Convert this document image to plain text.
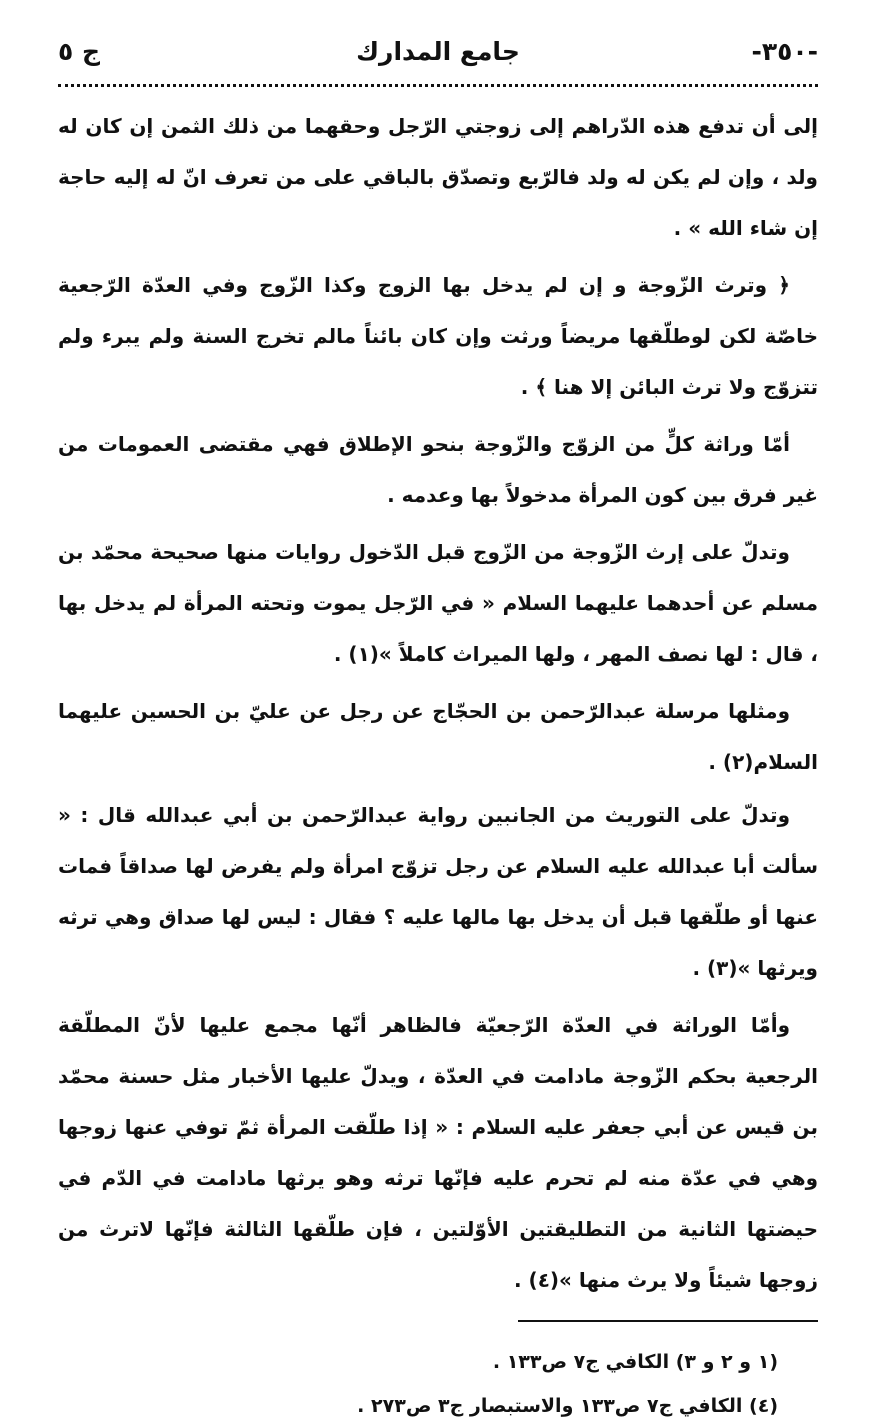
-٣٥٠-
جامع المدارك
ج ٥

إلى أن تدفع هذه الدّراهم إلى زوجتي الرّجل وحقهما من ذلك الثمن إن كان له ولد ، وإن لم يكن له ولد فالرّبع وتصدّق بالباقي على من تعرف انّ له إليه حاجة إن شاء الله » .

﴿ وترث الزّوجة و إن لم يدخل بها الزوج وكذا الزّوج وفي العدّة الرّجعية خاصّة لكن لوطلّقها مريضاً ورثت وإن كان بائناً مالم تخرج السنة ولم يبرء ولم تتزوّج ولا ترث البائن إلا هنا ﴾ .

أمّا وراثة كلٍّ من الزوّج والزّوجة بنحو الإطلاق فهي مقتضى العمومات من غير فرق بين كون المرأة مدخولاً بها وعدمه .

وتدلّ على إرث الزّوجة من الزّوج قبل الدّخول روايات منها صحيحة محمّد بن مسلم عن أحدهما عليهما السلام « في الرّجل يموت وتحته المرأة لم يدخل بها ، قال : لها نصف المهر ، ولها الميراث كاملاً »(١) .

ومثلها مرسلة عبدالرّحمن بن الحجّاج عن رجل عن عليّ بن الحسين عليهما السلام(٢) .

وتدلّ على التوريث من الجانبين رواية عبدالرّحمن بن أبي عبدالله قال : « سألت أبا عبدالله عليه السلام عن رجل تزوّج امرأة ولم يفرض لها صداقاً فمات عنها أو طلّقها قبل أن يدخل بها مالها عليه ؟ فقال : ليس لها صداق وهي ترثه ويرثها »(٣) .

وأمّا الوراثة في العدّة الرّجعيّة فالظاهر أنّها مجمع عليها لأنّ المطلّقة الرجعية بحكم الزّوجة مادامت في العدّة ، ويدلّ عليها الأخبار مثل حسنة محمّد بن قيس عن أبي جعفر عليه السلام : « إذا طلّقت المرأة ثمّ توفي عنها زوجها وهي في عدّة منه لم تحرم عليه فإنّها ترثه وهو يرثها مادامت في الدّم في حيضتها الثانية من التطليقتين الأوّلتين ، فإن طلّقها الثالثة فإنّها لاترث من زوجها شيئاً ولا يرث منها »(٤) .

(١ و ٢ و ٣) الكافي ج٧ ص١٣٣ .
(٤) الكافي ج٧ ص١٣٣ والاستبصار ج٣ ص٢٧٣ .
